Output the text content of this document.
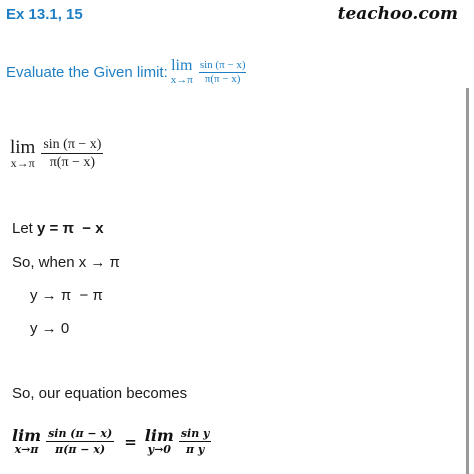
Ex 13.1, 15	teachoo.com
Evaluate the Given limit: lim
$x\to\pi \frac{\sin (\pi - x)}{\pi(\pi - x)}$
lim
$x\to\pi \frac{\sin (\pi - x)}{\pi(\pi - x)}$
Let y = π  − x
So, when x → π
y → π  − π
y → 0
So, our equation becomes
lim
$x\to\pi \frac{\sin (\pi - x)}{\pi(\pi - x)} = \lim$
$y\to 0 \frac{\text{sin y}}{\text{π y}}$
